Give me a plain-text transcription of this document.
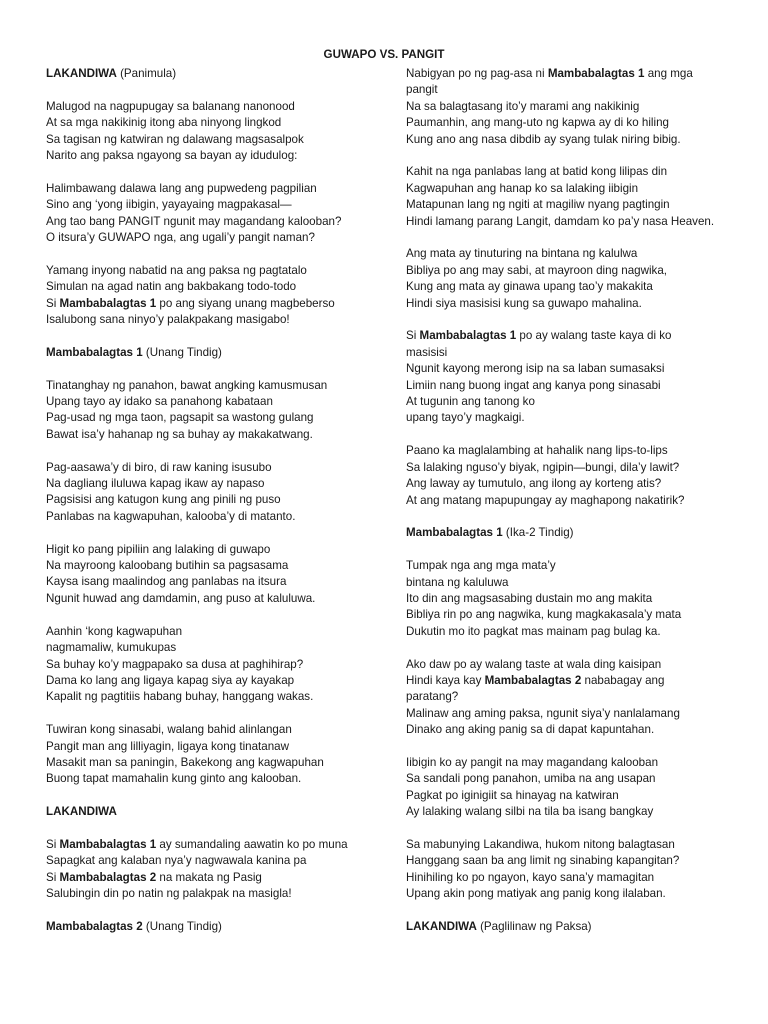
GUWAPO VS. PANGIT
LAKANDIWA (Panimula)
Malugod na nagpupugay sa balanang nanonood
At sa mga nakikinig itong aba ninyong lingkod
Sa tagisan ng katwiran ng dalawang magsasalpok
Narito ang paksa ngayong sa bayan ay idudulog:
Halimbawang dalawa lang ang pupwedeng pagpilian
Sino ang ‘yong iibigin, yayayaing magpakasal—
Ang tao bang PANGIT ngunit may magandang kalooban?
O itsura’y GUWAPO nga, ang ugali’y pangit naman?
Yamang inyong nabatid na ang paksa ng pagtatalo
Simulan na agad natin ang bakbakang todo-todo
Si Mambabalagtas 1 po ang siyang unang magbeberso
Isalubong sana ninyo’y palakpakang masigabo!
Mambabalagtas 1 (Unang Tindig)
Tinatanghay ng panahon, bawat angking kamusmusan
Upang tayo ay idako sa panahong kabataan
Pag-usad ng mga taon, pagsapit sa wastong gulang
Bawat isa’y hahanap ng sa buhay ay makakatwang.
Pag-aasawa’y di biro, di raw kaning isusubo
Na dagliang iluluwa kapag ikaw ay napaso
Pagsisisi ang katugon kung ang pinili ng puso
Panlabas na kagwapuhan, kalooba’y di matanto.
Higit ko pang pipiliin ang lalaking di guwapo
Na mayroong kaloobang butihin sa pagsasama
Kaysa isang maalindog ang panlabas na itsura
Ngunit huwad ang damdamin, ang puso at kaluluwa.
Aanhin ‘kong kagwapuhan
nagmamaliw, kumukupas
Sa buhay ko’y magpapako sa dusa at paghihirap?
Dama ko lang ang ligaya kapag siya ay kayakap
Kapalit ng pagtitiis habang buhay, hanggang wakas.
Tuwiran kong sinasabi, walang bahid alinlangan
Pangit man ang lilliyagin, ligaya kong tinatanaw
Masakit man sa paningin, Bakekong ang kagwapuhan
Buong tapat mamahalin kung ginto ang kalooban.
LAKANDIWA
Si Mambabalagtas 1 ay sumandaling aawatin ko po muna
Sapagkat ang kalaban nya’y nagwawala kanina pa
Si Mambabalagtas 2 na makata ng Pasig
Salubingin din po natin ng palakpak na masigla!
Mambabalagtas 2 (Unang Tindig)
Nabigyan po ng pag-asa ni Mambabalagtas 1 ang mga
pangit
Na sa balagtasang ito’y marami ang nakikinig
Paumanhin, ang mang-uto ng kapwa ay di ko hiling
Kung ano ang nasa dibdib ay syang tulak niring bibig.
Kahit na nga panlabas lang at batid kong lilipas din
Kagwapuhan ang hanap ko sa lalaking iibigin
Matapunan lang ng ngiti at magiliw nyang pagtingin
Hindi lamang parang Langit, damdam ko pa’y nasa Heaven.
Ang mata ay tinuturing na bintana ng kalulwa
Bibliya po ang may sabi, at mayroon ding nagwika,
Kung ang mata ay ginawa upang tao’y makakita
Hindi siya masisisi kung sa guwapo mahalina.
Si Mambabalagtas 1 po ay walang taste kaya di ko
masisisi
Ngunit kayong merong isip na sa laban sumasaksi
Limiin nang buong ingat ang kanya pong sinasabi
At tugunin ang tanong ko
upang tayo’y magkaigi.
Paano ka maglalambing at hahalik nang lips-to-lips
Sa lalaking nguso’y biyak, ngipin—bungi, dila’y lawit?
Ang laway ay tumutulo, ang ilong ay korteng atis?
At ang matang mapupungay ay maghapong nakatirik?
Mambabalagtas 1 (Ika-2 Tindig)
Tumpak nga ang mga mata’y
bintana ng kaluluwa
Ito din ang magsasabing dustain mo ang makita
Bibliya rin po ang nagwika, kung magkakasala’y mata
Dukutin mo ito pagkat mas mainam pag bulag ka.
Ako daw po ay walang taste at wala ding kaisipan
Hindi kaya kay Mambabalagtas 2 nababagay ang
paratang?
Malinaw ang aming paksa, ngunit siya’y nanlalamang
Dinako ang aking panig sa di dapat kapuntahan.
Iibigin ko ay pangit na may magandang kalooban
Sa sandali pong panahon, umiba na ang usapan
Pagkat po iginigiit sa hinayag na katwiran
Ay lalaking walang silbi na tila ba isang bangkay
Sa mabunying Lakandiwa, hukom nitong balagtasan
Hanggang saan ba ang limit ng sinabing kapangitan?
Hinihiling ko po ngayon, kayo sana’y mamagitan
Upang akin pong matiyak ang panig kong ilalaban.
LAKANDIWA (Paglilinaw ng Paksa)
